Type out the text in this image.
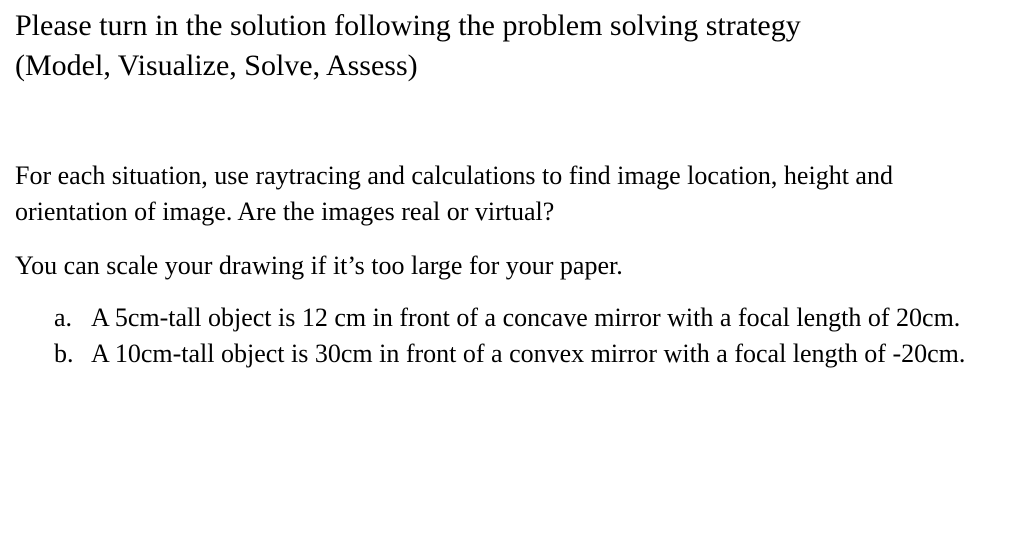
Please turn in the solution following the problem solving strategy
(Model, Visualize, Solve, Assess)

For each situation, use raytracing and calculations to find image location, height and orientation of image. Are the images real or virtual?

You can scale your drawing if it’s too large for your paper.

a. A 5cm-tall object is 12 cm in front of a concave mirror with a focal length of 20cm.
b. A 10cm-tall object is 30cm in front of a convex mirror with a focal length of -20cm.
